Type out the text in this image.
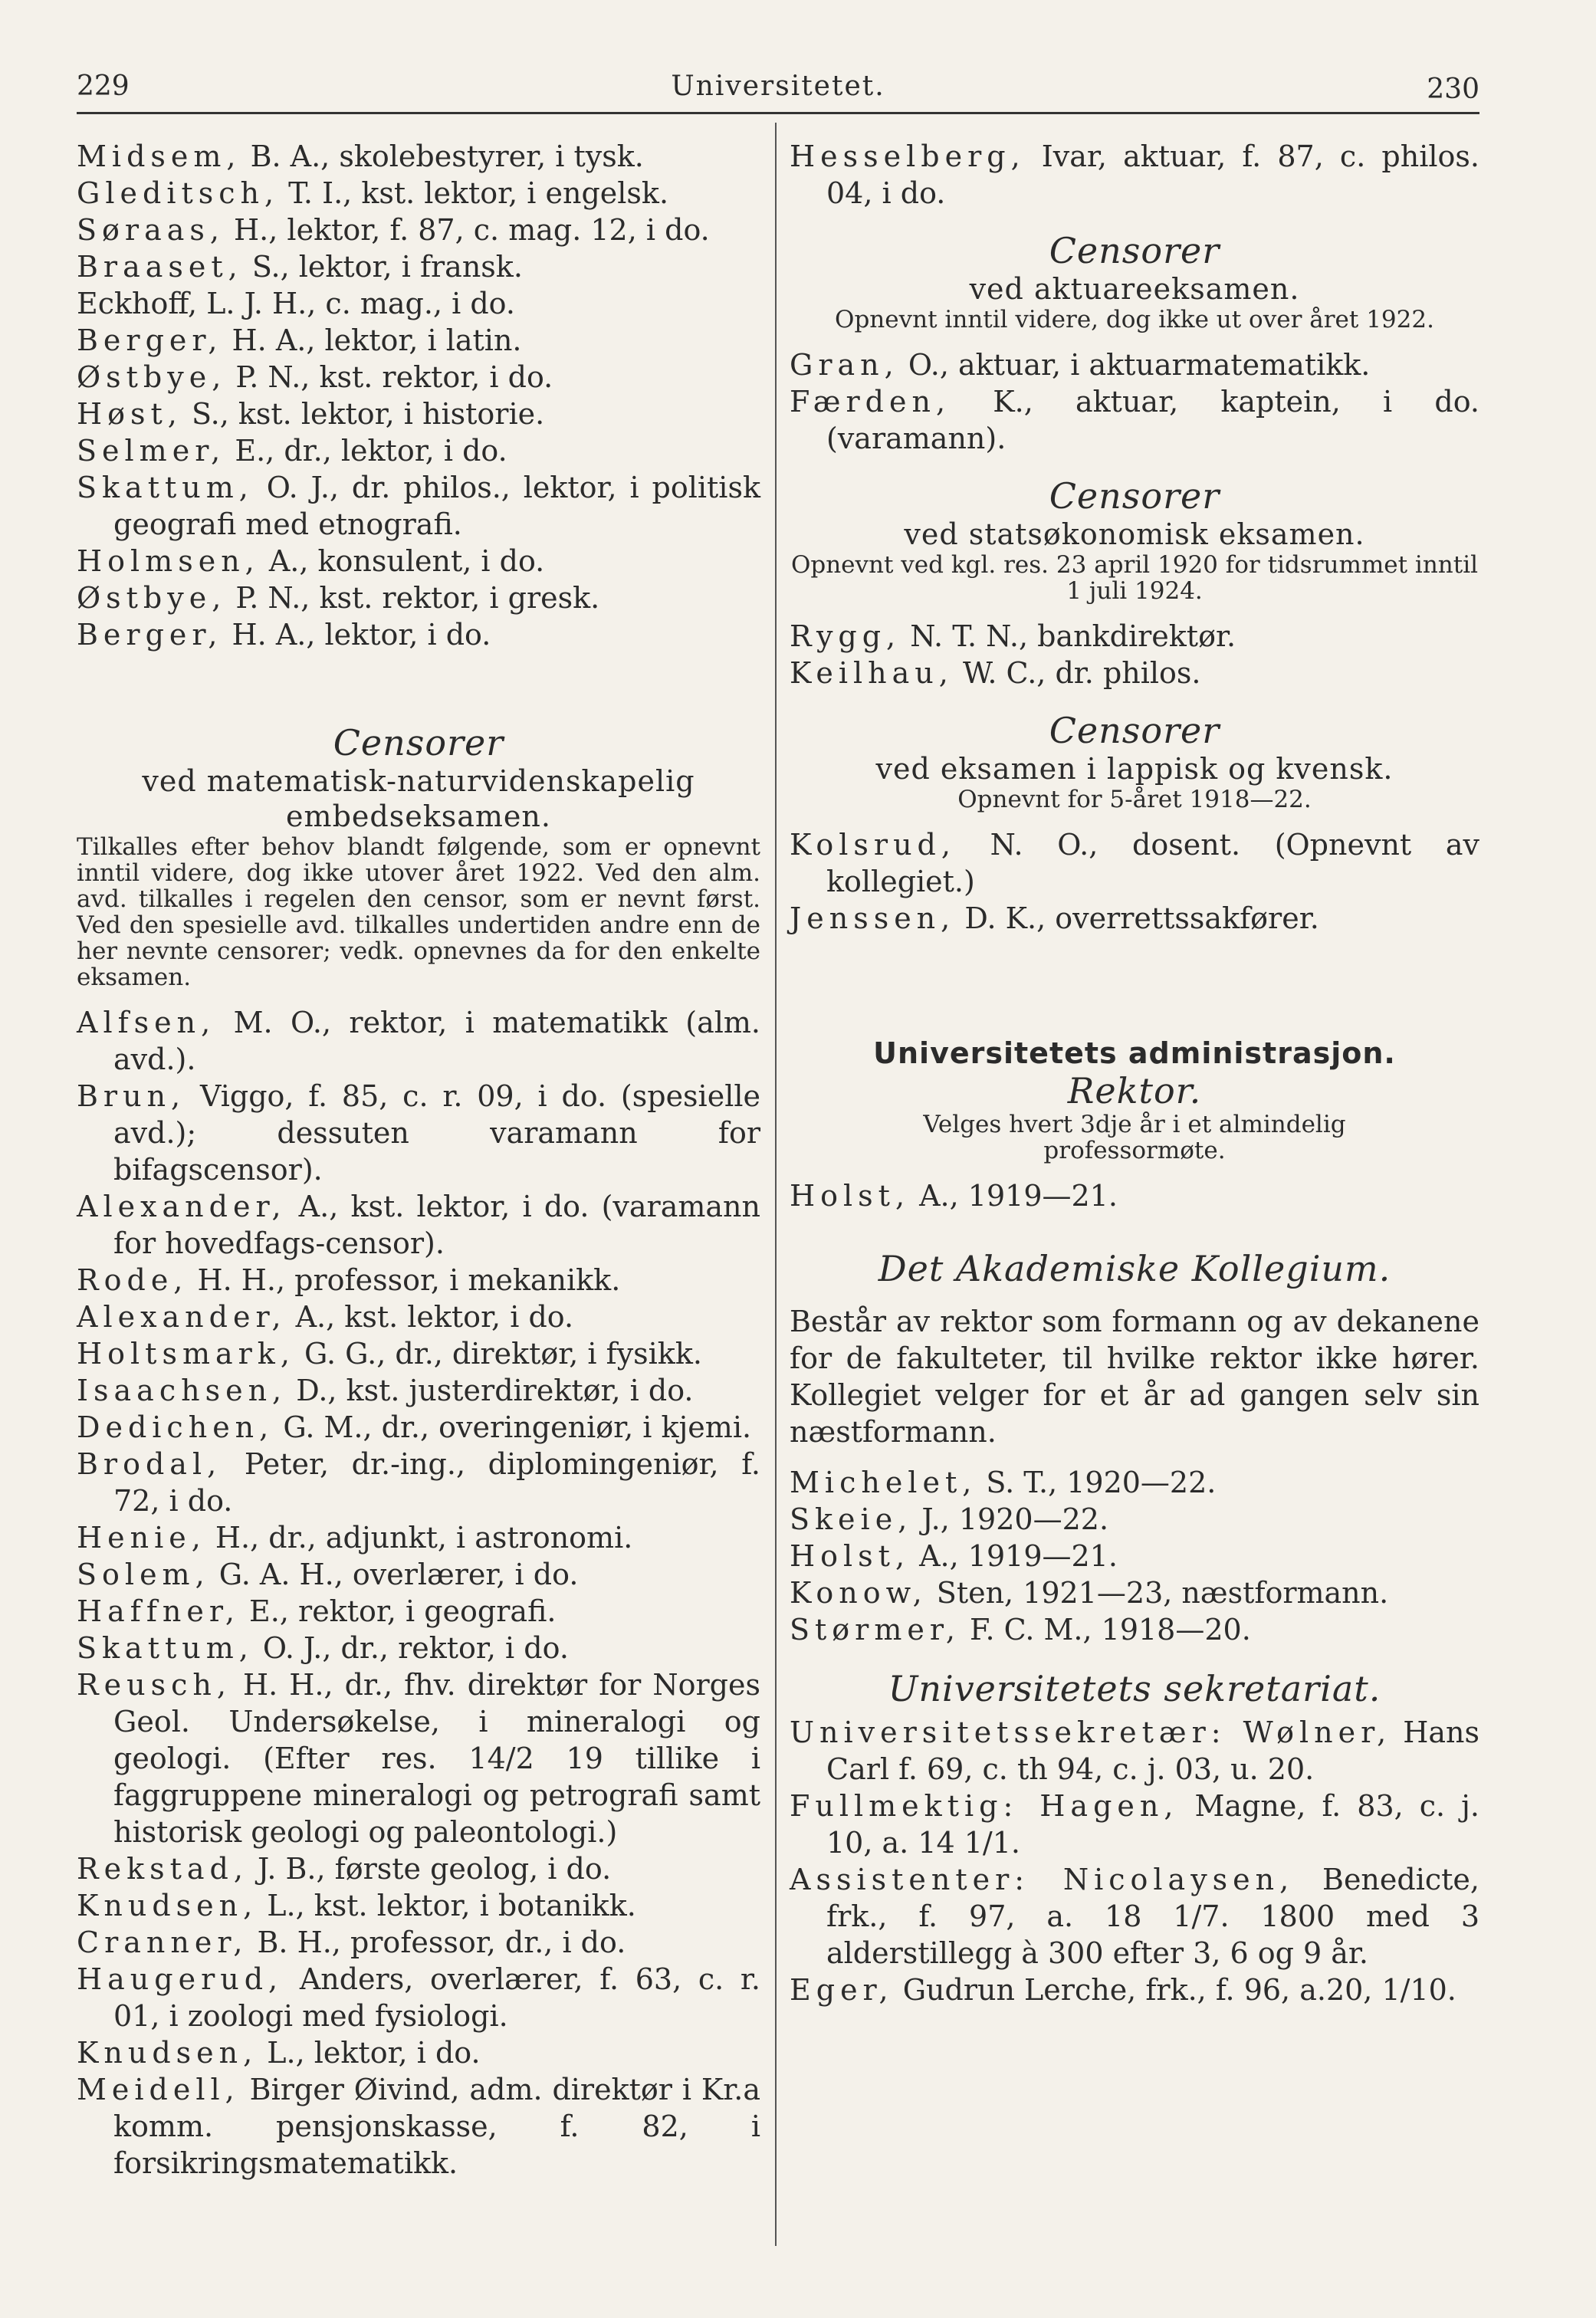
229	Universitetet.	230

Midsem, B. A., skolebestyrer, i tysk.

Gleditsch, T. I., kst. lektor, i engelsk.

Søraas, H., lektor, f. 87, c. mag. 12, i do.

Braaset, S., lektor, i fransk.

Eckhoff, L. J. H., c. mag., i do.

Berger, H. A., lektor, i latin.

Østbye, P. N., kst. rektor, i do.

Høst, S., kst. lektor, i historie.

Selmer, E., dr., lektor, i do.

Skattum, O. J., dr. philos., lektor, i politisk geografi med etnografi.

Holmsen, A., konsulent, i do.

Østbye, P. N., kst. rektor, i gresk.

Berger, H. A., lektor, i do.

Censorer

ved matematisk-naturvidenskapelig

embedseksamen.

Tilkalles efter behov blandt følgende, som er opnevnt inntil videre, dog ikke utover året 1922. Ved den alm. avd. tilkalles i regelen den censor, som er nevnt først. Ved den spesielle avd. tilkalles undertiden andre enn de her nevnte censorer; vedk. opnevnes da for den enkelte eksamen.

Alfsen, M. O., rektor, i matematikk (alm. avd.).

Brun, Viggo, f. 85, c. r. 09, i do. (spesielle avd.); dessuten varamann for bifagscensor).

Alexander, A., kst. lektor, i do. (varamann for hovedfags-censor).

Rode, H. H., professor, i mekanikk.

Alexander, A., kst. lektor, i do.

Holtsmark, G. G., dr., direktør, i fysikk.

Isaachsen, D., kst. justerdirektør, i do.

Dedichen, G. M., dr., overingeniør, i kjemi.

Brodal, Peter, dr.-ing., diplomingeniør, f. 72, i do.

Henie, H., dr., adjunkt, i astronomi.

Solem, G. A. H., overlærer, i do.

Haffner, E., rektor, i geografi.

Skattum, O. J., dr., rektor, i do.

Reusch, H. H., dr., fhv. direktør for Norges Geol. Undersøkelse, i mineralogi og geologi. (Efter res. 14/2 19 tillike i faggruppene mineralogi og petrografi samt historisk geologi og paleontologi.)

Rekstad, J. B., første geolog, i do.

Knudsen, L., kst. lektor, i botanikk.

Cranner, B. H., professor, dr., i do.

Haugerud, Anders, overlærer, f. 63, c. r. 01, i zoologi med fysiologi.

Knudsen, L., lektor, i do.

Meidell, Birger Øivind, adm. direktør i Kr.a komm. pensjonskasse, f. 82, i forsikringsmatematikk.

Hesselberg, Ivar, aktuar, f. 87, c. philos. 04, i do.

Censorer

ved aktuareeksamen.

Opnevnt inntil videre, dog ikke ut over året 1922.

Gran, O., aktuar, i aktuarmatematikk.

Færden, K., aktuar, kaptein, i do. (varamann).

Censorer

ved statsøkonomisk eksamen.

Opnevnt ved kgl. res. 23 april 1920 for tidsrummet inntil 1 juli 1924.

Rygg, N. T. N., bankdirektør.

Keilhau, W. C., dr. philos.

Censorer

ved eksamen i lappisk og kvensk.

Opnevnt for 5-året 1918—22.

Kolsrud, N. O., dosent. (Opnevnt av kollegiet.)

Jenssen, D. K., overrettssakfører.

Universitetets administrasjon.

Rektor.

Velges hvert 3dje år i et almindelig professormøte.

Holst, A., 1919—21.

Det Akademiske Kollegium.

Består av rektor som formann og av dekanene for de fakulteter, til hvilke rektor ikke hører. Kollegiet velger for et år ad gangen selv sin næstformann.

Michelet, S. T., 1920—22.

Skeie, J., 1920—22.

Holst, A., 1919—21.

Konow, Sten, 1921—23, næstformann.

Størmer, F. C. M., 1918—20.

Universitetets sekretariat.

Universitetssekretær: Wølner, Hans Carl f. 69, c. th 94, c. j. 03, u. 20.

Fullmektig: Hagen, Magne, f. 83, c. j. 10, a. 14 1/1.

Assistenter: Nicolaysen, Benedicte, frk., f. 97, a. 18 1/7. 1800 med 3 alderstillegg à 300 efter 3, 6 og 9 år.

Eger, Gudrun Lerche, frk., f. 96, a.20, 1/10.
